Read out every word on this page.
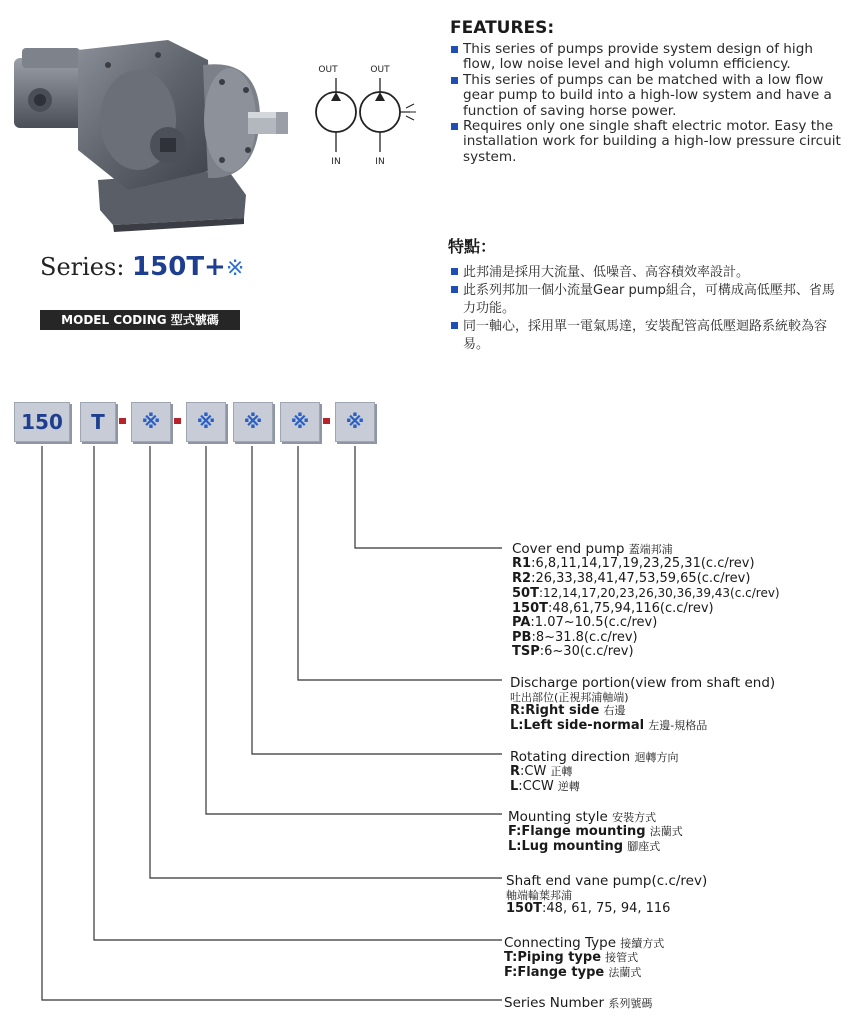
OUT	OUT
IN	IN
Series: 150T+※
MODEL CODING 型式號碼
FEATURES:
This series of pumps provide system design of high flow, low noise level and high volumn efficiency.
This series of pumps can be matched with a low flow gear pump to build into a high-low system and have a function of saving horse power.
Requires only one single shaft electric motor. Easy the installation work for building a high-low pressure circuit system.
特點：
此邦浦是採用大流量、低噪音、高容積效率設計。
此系列邦加一個小流量Gear pump組合，可構成高低壓邦、省馬力功能。
同一軸心，採用單一電氣馬達，安裝配管高低壓迴路系統較為容易。
150	T	※	※	※	※	※
Cover end pump 蓋端邦浦
R1:6,8,11,14,17,19,23,25,31(c.c/rev)
R2:26,33,38,41,47,53,59,65(c.c/rev)
50T:12,14,17,20,23,26,30,36,39,43(c.c/rev)
150T:48,61,75,94,116(c.c/rev)
PA:1.07~10.5(c.c/rev)
PB:8~31.8(c.c/rev)
TSP:6~30(c.c/rev)
Discharge portion(view from shaft end)
吐出部位(正視邦浦軸端)
R:Right side 右邊
L:Left side-normal 左邊-規格品
Rotating direction 迴轉方向
R:CW 正轉
L:CCW 逆轉
Mounting style 安裝方式
F:Flange mounting 法蘭式
L:Lug mounting 腳座式
Shaft end vane pump(c.c/rev)
軸端輪葉邦浦
150T:48, 61, 75, 94, 116
Connecting Type 接續方式
T:Piping type 接管式
F:Flange type 法蘭式
Series Number 系列號碼
